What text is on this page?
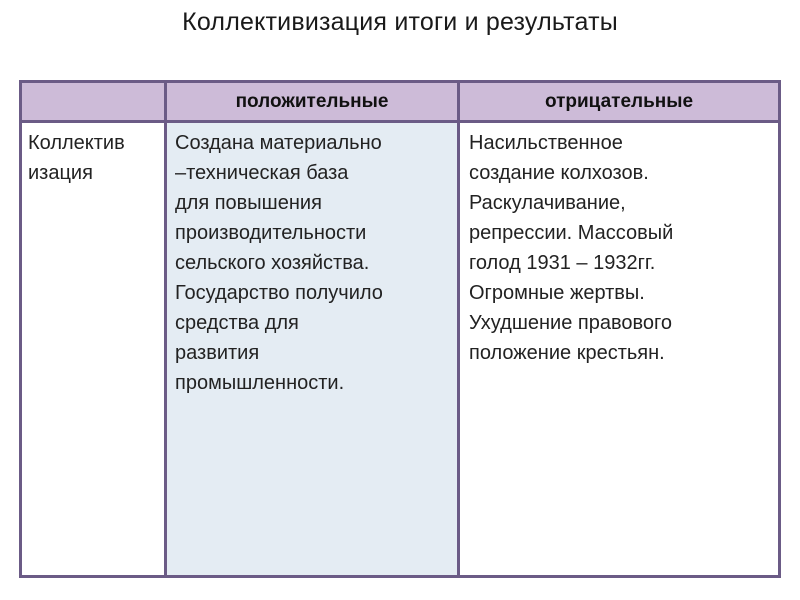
Коллективизация итоги и результаты
положительные	отрицательные
Коллектив
изация
Создана материально
–техническая база
для повышения
производительности
сельского хозяйства.
Государство получило
средства для
развития
промышленности.
Насильственное
создание колхозов.
Раскулачивание,
репрессии. Массовый
голод 1931 – 1932гг.
Огромные жертвы.
Ухудшение правового
положение крестьян.
